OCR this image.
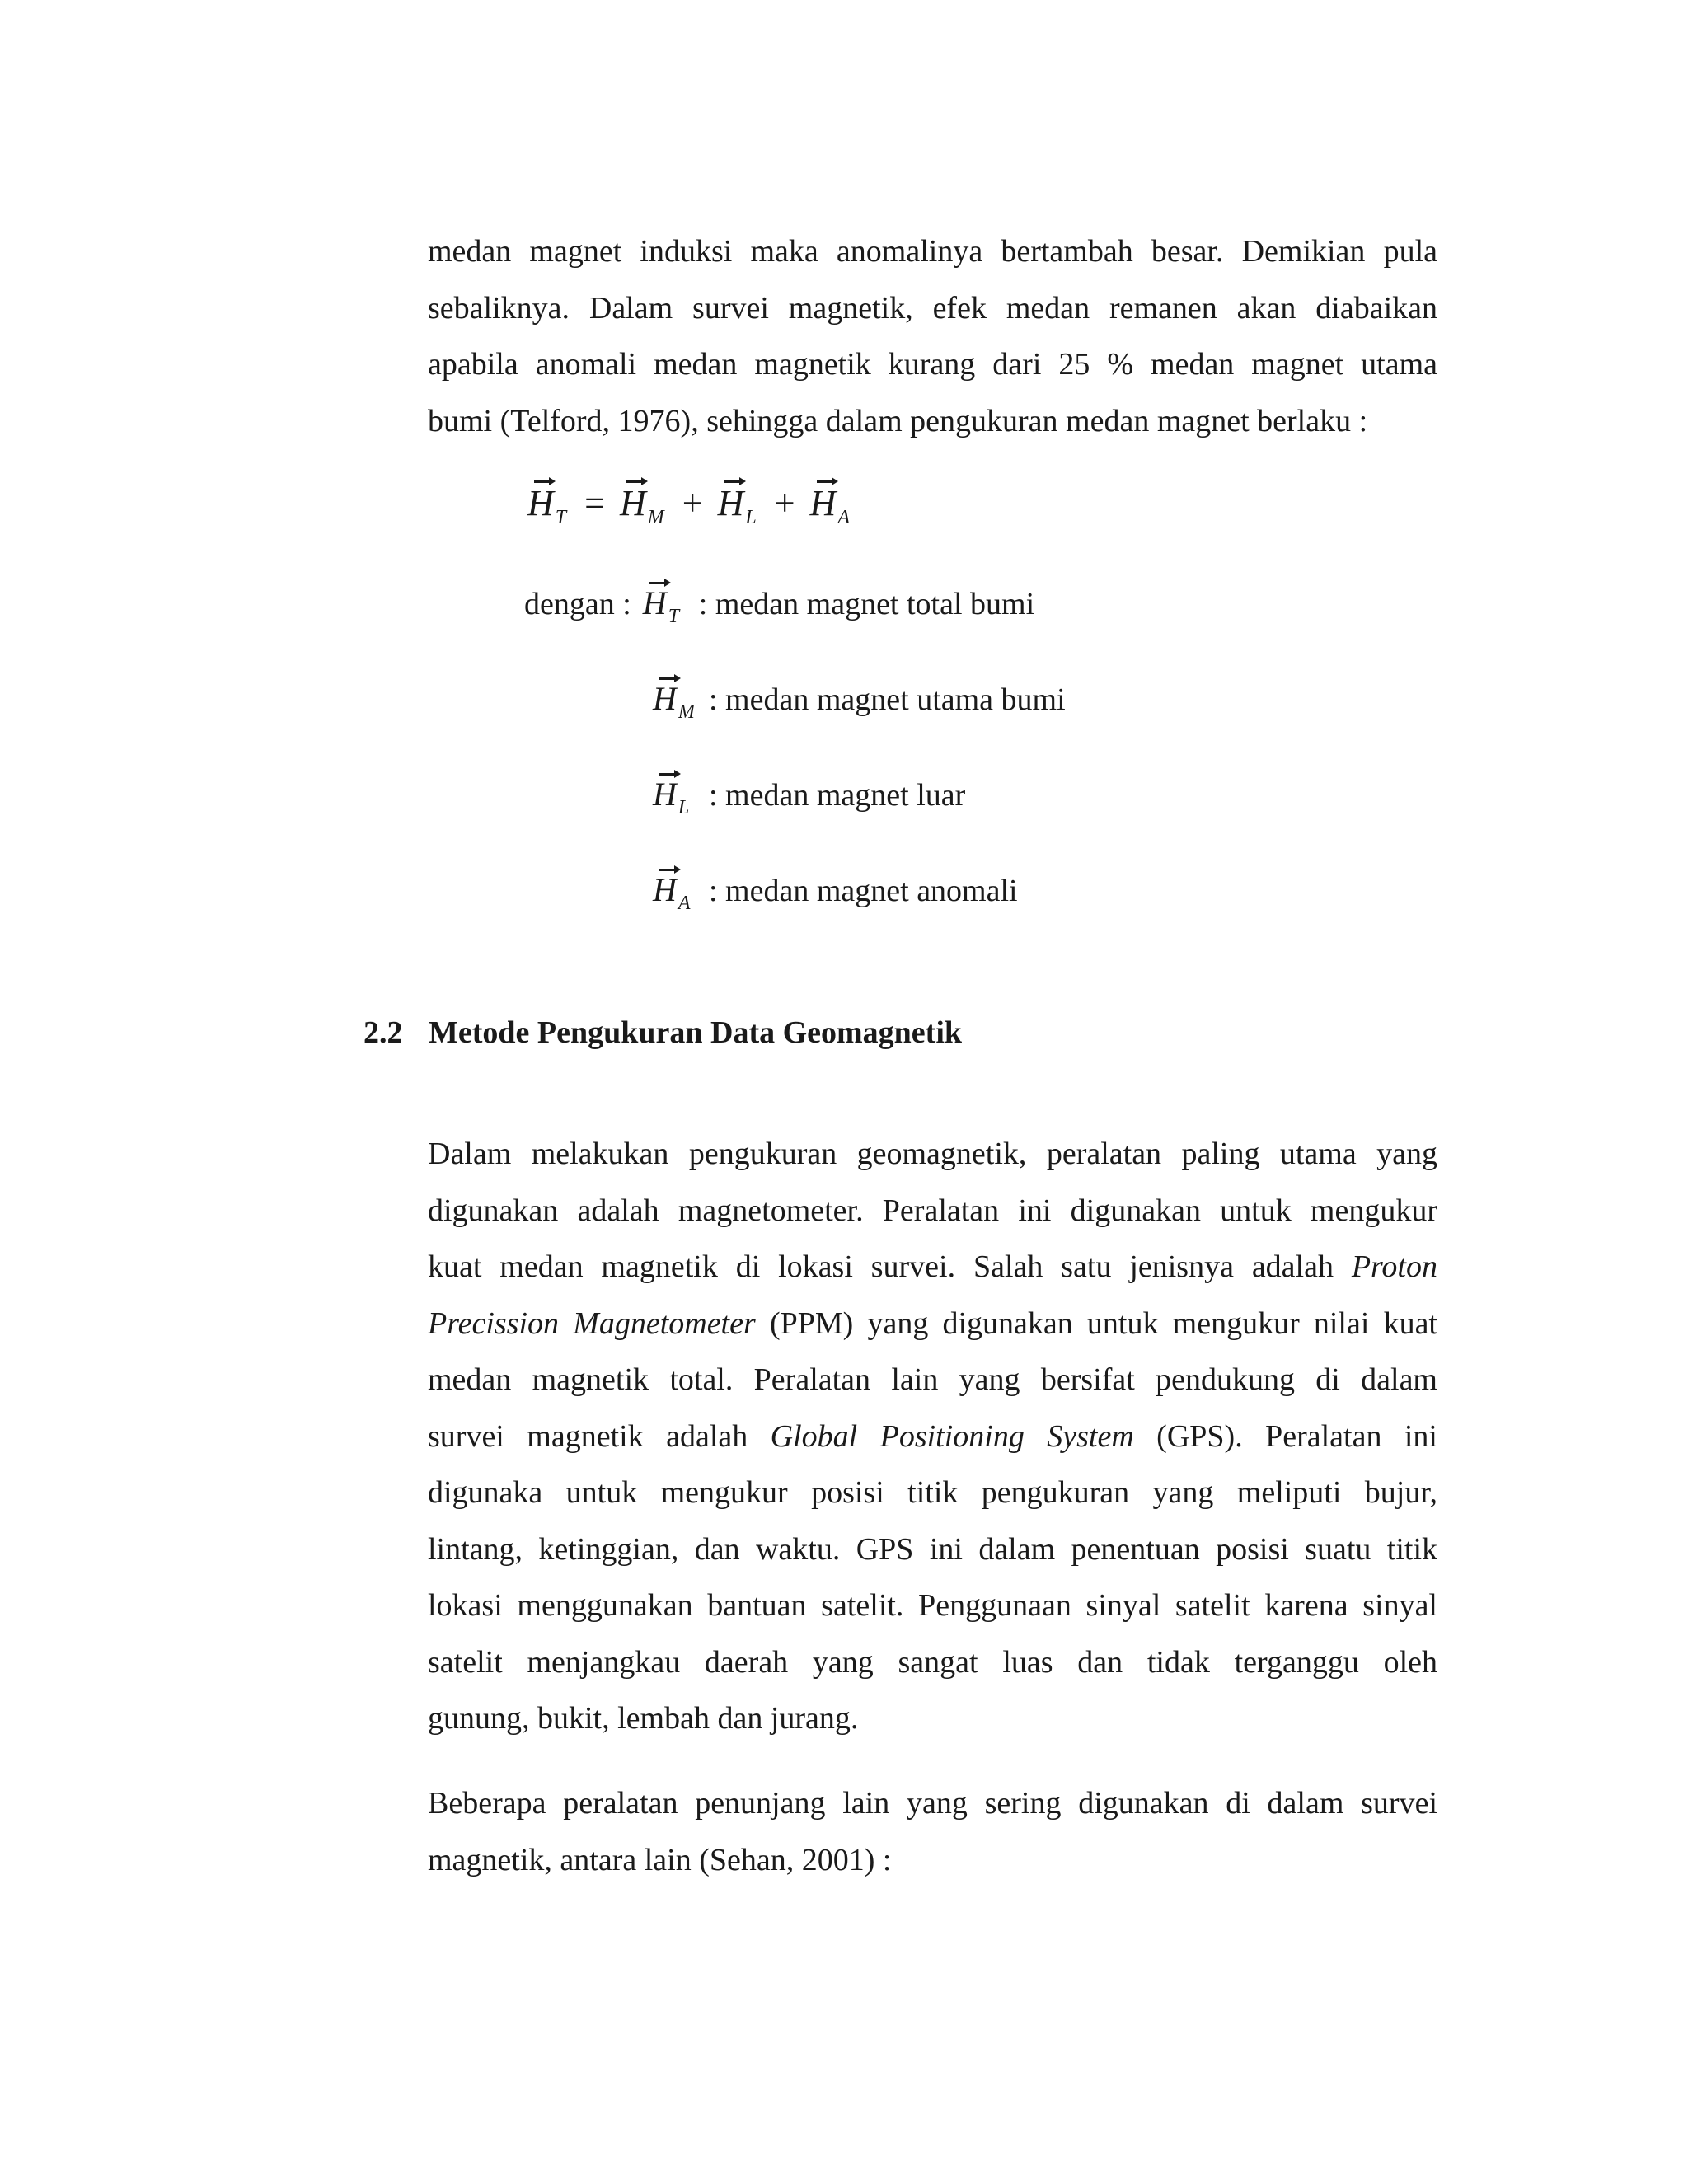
medan magnet induksi maka anomalinya bertambah besar. Demikian pula
sebaliknya. Dalam survei magnetik, efek medan remanen akan diabaikan
apabila anomali medan magnetik kurang dari 25 % medan magnet utama
bumi (Telford, 1976), sehingga dalam pengukuran medan magnet berlaku :
$H_T = H_M + H_L + H_A$
dengan : $H_T$ : medan magnet total bumi
$H_M$ : medan magnet utama bumi
$H_L$ : medan magnet luar
$H_A$ : medan magnet anomali
2.2 Metode Pengukuran Data Geomagnetik
Dalam melakukan pengukuran geomagnetik, peralatan paling utama yang
digunakan adalah magnetometer. Peralatan ini digunakan untuk mengukur
kuat medan magnetik di lokasi survei. Salah satu jenisnya adalah Proton
Precission Magnetometer (PPM) yang digunakan untuk mengukur nilai kuat
medan magnetik total. Peralatan lain yang bersifat pendukung di dalam
survei magnetik adalah Global Positioning System (GPS). Peralatan ini
digunaka untuk mengukur posisi titik pengukuran yang meliputi bujur,
lintang, ketinggian, dan waktu. GPS ini dalam penentuan posisi suatu titik
lokasi menggunakan bantuan satelit. Penggunaan sinyal satelit karena sinyal
satelit menjangkau daerah yang sangat luas dan tidak terganggu oleh
gunung, bukit, lembah dan jurang.
Beberapa peralatan penunjang lain yang sering digunakan di dalam survei
magnetik, antara lain (Sehan, 2001) :
